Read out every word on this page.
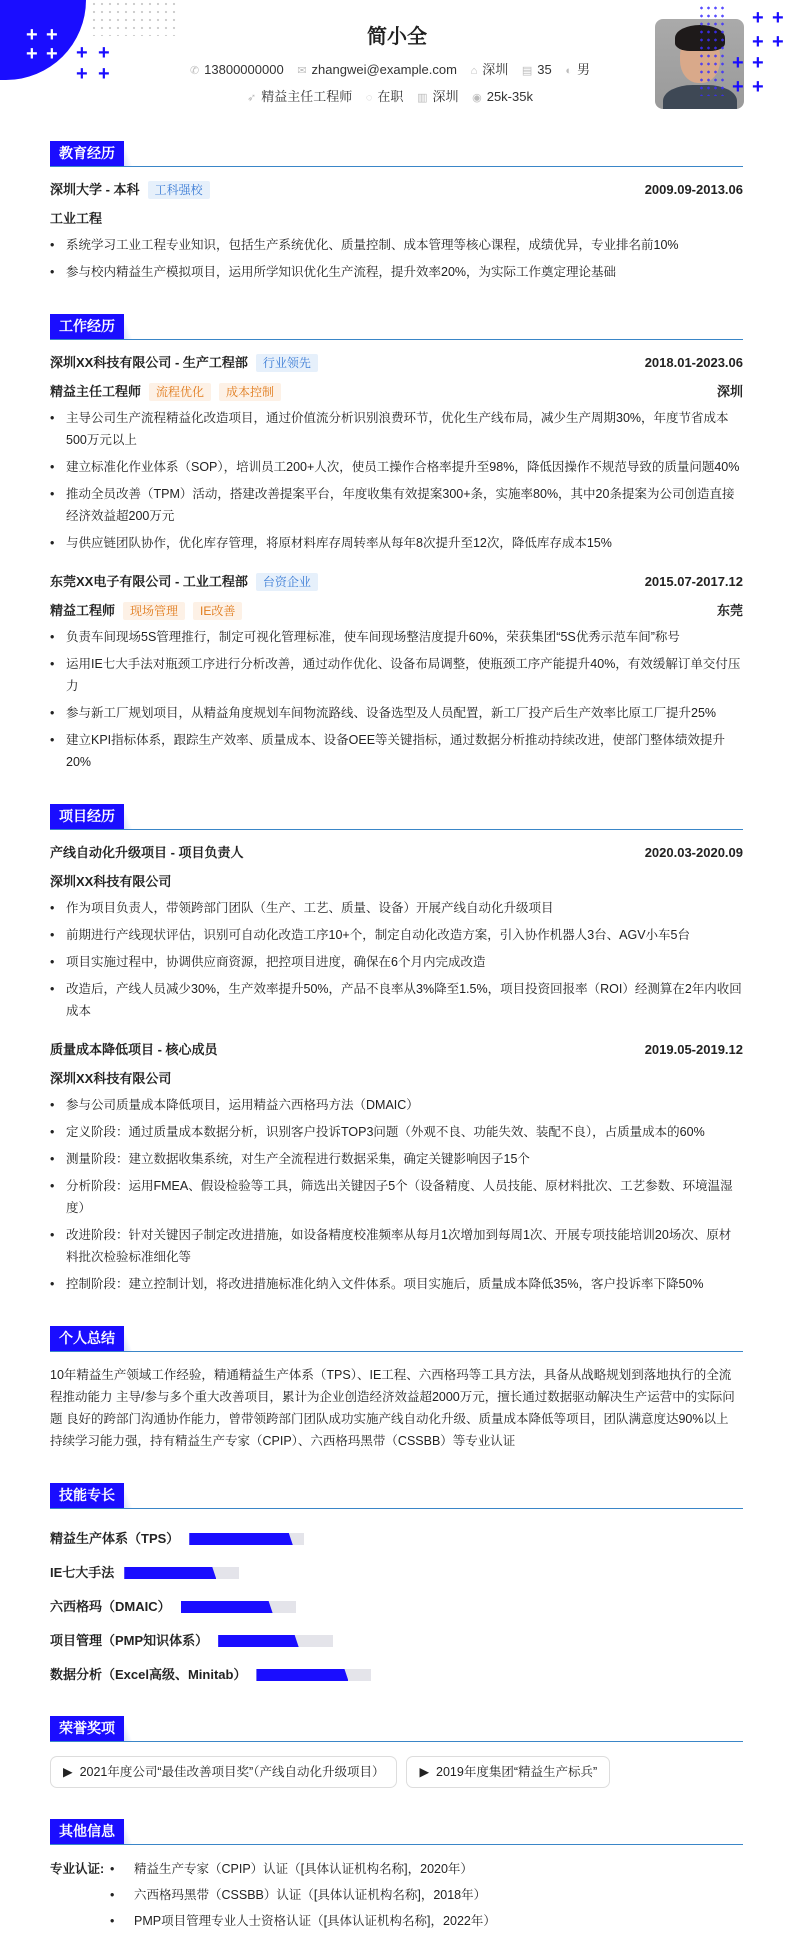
+ +
+ + + +
+ +
+ +
+ +
+ +
+ +
简小全
✆ 13800000000 ✉ zhangwei@example.com ⌂ 深圳 ▤ 35 ◐ 男
➶ 精益主任工程师 ◌ 在职 ▥ 深圳 ◉ 25k-35k
教育经历
深圳大学 - 本科 工科强校	2009.09-2013.06
工业工程
• 系统学习工业工程专业知识，包括生产系统优化、质量控制、成本管理等核心课程，成绩优异，专业排名前10%
• 参与校内精益生产模拟项目，运用所学知识优化生产流程，提升效率20%，为实际工作奠定理论基础
工作经历
深圳XX科技有限公司 - 生产工程部 行业领先	2018.01-2023.06
精益主任工程师 流程优化 成本控制	深圳
• 主导公司生产流程精益化改造项目，通过价值流分析识别浪费环节，优化生产线布局，减少生产周期30%，年度节省成本500万元以上
• 建立标准化作业体系（SOP），培训员工200+人次，使员工操作合格率提升至98%，降低因操作不规范导致的质量问题40%
• 推动全员改善（TPM）活动，搭建改善提案平台，年度收集有效提案300+条，实施率80%，其中20条提案为公司创造直接经济效益超200万元
• 与供应链团队协作，优化库存管理，将原材料库存周转率从每年8次提升至12次，降低库存成本15%
东莞XX电子有限公司 - 工业工程部 台资企业	2015.07-2017.12
精益工程师 现场管理 IE改善	东莞
• 负责车间现场5S管理推行，制定可视化管理标准，使车间现场整洁度提升60%，荣获集团“5S优秀示范车间”称号
• 运用IE七大手法对瓶颈工序进行分析改善，通过动作优化、设备布局调整，使瓶颈工序产能提升40%，有效缓解订单交付压力
• 参与新工厂规划项目，从精益角度规划车间物流路线、设备选型及人员配置，新工厂投产后生产效率比原工厂提升25%
• 建立KPI指标体系，跟踪生产效率、质量成本、设备OEE等关键指标，通过数据分析推动持续改进，使部门整体绩效提升20%
项目经历
产线自动化升级项目 - 项目负责人	2020.03-2020.09
深圳XX科技有限公司
• 作为项目负责人，带领跨部门团队（生产、工艺、质量、设备）开展产线自动化升级项目
• 前期进行产线现状评估，识别可自动化改造工序10+个，制定自动化改造方案，引入协作机器人3台、AGV小车5台
• 项目实施过程中，协调供应商资源，把控项目进度，确保在6个月内完成改造
• 改造后，产线人员减少30%，生产效率提升50%，产品不良率从3%降至1.5%，项目投资回报率（ROI）经测算在2年内收回成本
质量成本降低项目 - 核心成员	2019.05-2019.12
深圳XX科技有限公司
• 参与公司质量成本降低项目，运用精益六西格玛方法（DMAIC）
• 定义阶段：通过质量成本数据分析，识别客户投诉TOP3问题（外观不良、功能失效、装配不良），占质量成本的60%
• 测量阶段：建立数据收集系统，对生产全流程进行数据采集，确定关键影响因子15个
• 分析阶段：运用FMEA、假设检验等工具，筛选出关键因子5个（设备精度、人员技能、原材料批次、工艺参数、环境温湿度）
• 改进阶段：针对关键因子制定改进措施，如设备精度校准频率从每月1次增加到每周1次、开展专项技能培训20场次、原材料批次检验标准细化等
• 控制阶段：建立控制计划，将改进措施标准化纳入文件体系。项目实施后，质量成本降低35%，客户投诉率下降50%
个人总结
10年精益生产领域工作经验，精通精益生产体系（TPS）、IE工程、六西格玛等工具方法，具备从战略规划到落地执行的全流程推动能力 主导/参与多个重大改善项目，累计为企业创造经济效益超2000万元，擅长通过数据驱动解决生产运营中的实际问题 良好的跨部门沟通协作能力，曾带领跨部门团队成功实施产线自动化升级、质量成本降低等项目，团队满意度达90%以上 持续学习能力强，持有精益生产专家（CPIP）、六西格玛黑带（CSSBB）等专业认证
技能专长
精益生产体系（TPS）
IE七大手法
六西格玛（DMAIC）
项目管理（PMP知识体系）
数据分析（Excel高级、Minitab）
荣誉奖项
▶  2021年度公司“最佳改善项目奖”（产线自动化升级项目）	▶  2019年度集团“精益生产标兵”
其他信息
专业认证:	• 精益生产专家（CPIP）认证（[具体认证机构名称]，2020年）
• 六西格玛黑带（CSSBB）认证（[具体认证机构名称]，2018年）
• PMP项目管理专业人士资格认证（[具体认证机构名称]，2022年）
